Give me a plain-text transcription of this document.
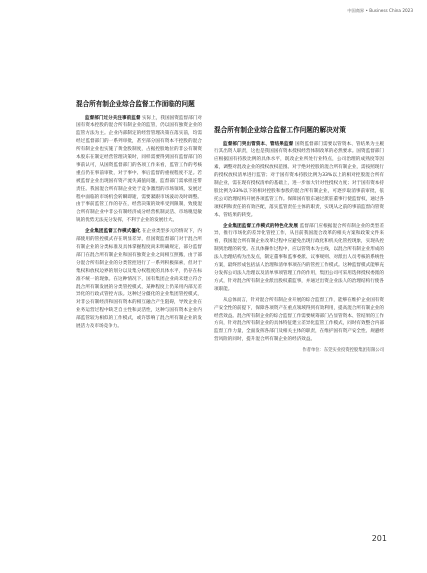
中国商界 • Business China 2023
混合所有制企业综合监督工作面临的问题

监督部门过分关注事前监督 实际上，我国国资监督部门对国有资本控股的混合所有制企业的监管，仍以国有独资企业的监管方法为主。企业内部制定的经营管理决策在落实前，均需经过监督部门的一系列审批，甚至部分国有资本不控股的混合所有制企业也实施了黄金股制度，占据控股地位的非公有制资本股东在制定经营管理决策时，同样需要得到国有监督部门的事前认可，从国资监督部门的各项工作来看，监管工作的考核重点仍在事前审批，对于事中、事后监督的重视程度不足。若被监督企业出现国有资产流失减值问题，监督部门需承担连带责任。我国混合所有制企业处于竞争激烈的市场领域，发展过程中面临的市场机会转瞬即逝，需要紧跟市场波动及时调整。由于事前监管工作的存在，经营决策的效率受到限制，致使混合所有制企业中非公有制经济成分经营机制灵活、市场嗅觉敏锐的优势无法充分发挥，不利于企业的发展壮大。

企业集团监督工作模式僵化 在企业类型多元的情况下，内部使用的管控模式存在明显差异，但国资监督部门对于混合所有制企业的分类标准及具体掌握程度尚未明确规定，部分监督部门在混合所有制企业和国有独资企业之间相互照搬，由于部分混合所有制企业的分类管控进行了一系列积极探索，但对于集权和放权边界的划分以及集分权程度的具体水平，仍存在标准不统一的现象。在这种情况下，国有集团企业尚未建立符合混合所有制发展的分类管控模式，某种程度上仍采用内部无差异化的行政式管控方法。这种过分僵化的企业集团管控模式，对非公有制经济和国有资本的相互融合产生阻碍，导致企业在业务运营过程中缺乏自主性和灵活性，这种与国有资本企业内部监管较为相似的工作模式，或许影响了混合所有制企业的发展活力及市场竞争力。

混合所有制企业综合监督工作问题的解决对策

监督部门突出管资本、管结果监督 国资监督部门需要以管资本、管结果为主履行其出资人职责，这也是我国国有资本授权经营体制改革的必然要求。国资监督部门应根据国有持股比例的具体水平，既改企业所处行业特点，公司治理的成熟度等因素，调整对混改企业的授权放权范围。对于绝对控股的混合所有制企业，需按照现行的授权放权清单进行监管；对于国有资本持股比例为33%以上的相对控股混合所有制企业，需在现有授权清单的基础上，进一步加大针对性授权力度；对于国有资本持股比例为33%以下的相对控股和参股的混合所有制企业，可逐步取消事前审批，依托公司治理结构开展各项监管工作。保障国有股东通过派驻董事行使监督权，通过各项权利和责任的有效匹配，落实监管责任主体的职责，实现从之前的事前监督向管资本、管结果的转变。

企业集团监督工作模式的特色化发展 监督部门应根据混合所有制企业的类型差异，推行市场化的差异化管控工作，从目前我国混合改革的相关方案和政策文件来看，我国混合所有制企业改革过程中应避免出现行政化和机关化管控现象，实现从控制到治理的转变。在具体操作过程中，应以管资本为主线，以混合所有制企业形成的法人治理结构为出发点，制定董事和监事委派、议事规则、对派出人员考核的系统性方案，最终形成包括法人治理和清单事项在内的管控工作模式。这种监督模式能够充分发挥公司法人治理以及清单事项管理工作的作用，集团公司可采用选择授权委派的方式，针对混合所有制企业派出股权董监事，并通过出资企业法人的治理结构行使各项职能。

从总体而言，针对混合所有制企业开展的综合监督工作，能够在维护企业国有资产安全性的前提下，保障各项资产在重点领域得到有效利用，提高混合所有制企业的经营效益。混合所有制企业的综合监督工作需要统筹部门凸显管资本、管结果的工作方向，针对混合所有制企业的具体特征建立差异化监管工作模式，同时有效整合内部监督工作力量，全面发挥各部门及相关主体的职责，在维护国有资产安全性、规避经营风险的同时，提升混合所有制企业的经济效益。

作者单位：东莞实业投资控股集团有限公司
201
